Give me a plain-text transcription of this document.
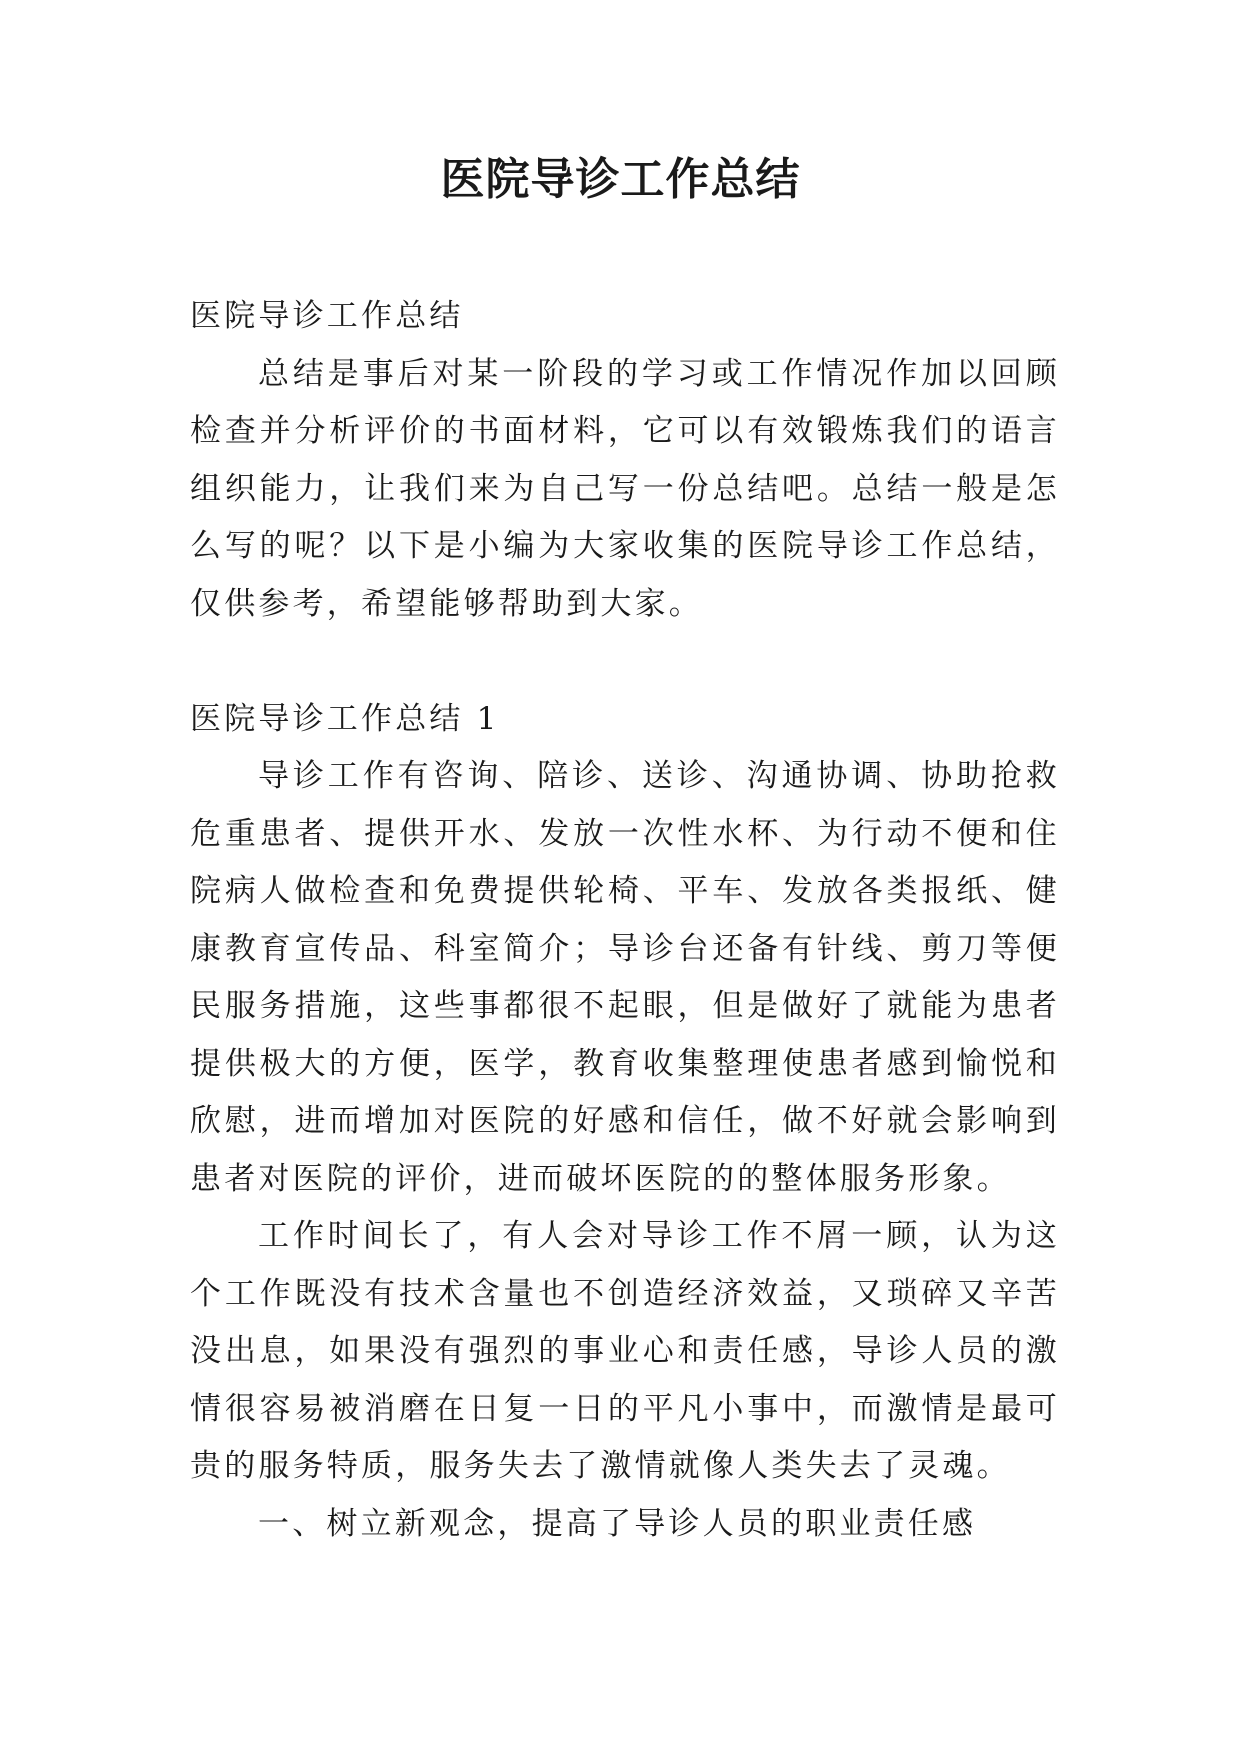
医院导诊工作总结

医院导诊工作总结

总结是事后对某一阶段的学习或工作情况作加以回顾检查并分析评价的书面材料，它可以有效锻炼我们的语言组织能力，让我们来为自己写一份总结吧。总结一般是怎么写的呢？以下是小编为大家收集的医院导诊工作总结，仅供参考，希望能够帮助到大家。

医院导诊工作总结 1

导诊工作有咨询、陪诊、送诊、沟通协调、协助抢救危重患者、提供开水、发放一次性水杯、为行动不便和住院病人做检查和免费提供轮椅、平车、发放各类报纸、健康教育宣传品、科室简介；导诊台还备有针线、剪刀等便民服务措施，这些事都很不起眼，但是做好了就能为患者提供极大的方便，医学，教育收集整理使患者感到愉悦和欣慰，进而增加对医院的好感和信任，做不好就会影响到患者对医院的评价，进而破坏医院的的整体服务形象。

工作时间长了，有人会对导诊工作不屑一顾，认为这个工作既没有技术含量也不创造经济效益，又琐碎又辛苦没出息，如果没有强烈的事业心和责任感，导诊人员的激情很容易被消磨在日复一日的平凡小事中，而激情是最可贵的服务特质，服务失去了激情就像人类失去了灵魂。

一、树立新观念，提高了导诊人员的职业责任感
